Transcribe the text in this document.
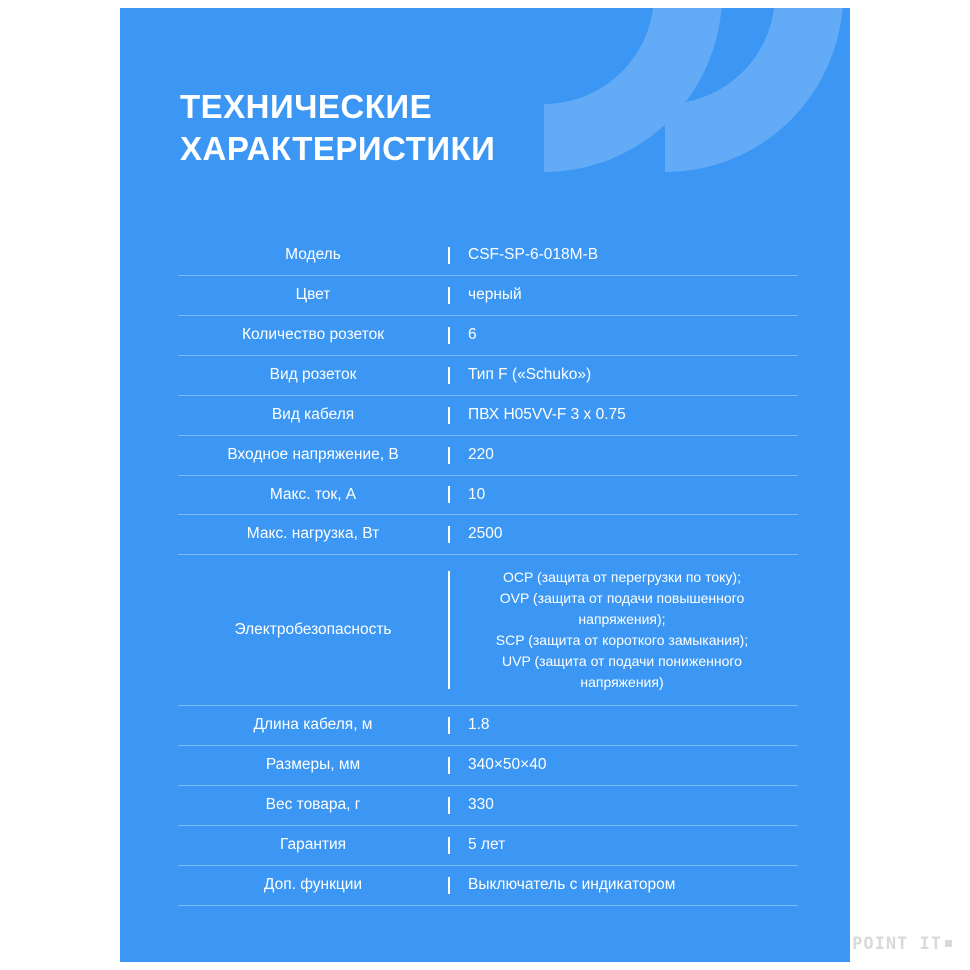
ТЕХНИЧЕСКИЕ
ХАРАКТЕРИСТИКИ
Модель		CSF-SP-6-018M-B
Цвет		черный
Количество розеток		6
Вид розеток		Тип F («Schuko»)
Вид кабеля		ПВХ H05VV-F 3 x 0.75
Входное напряжение, В		220
Макс. ток, А		10
Макс. нагрузка, Вт		2500
Электробезопасность		OCP (защита от перегрузки по току);
OVP (защита от подачи повышенного напряжения);
SCP (защита от короткого замыкания);
UVP (защита от подачи пониженного напряжения)

Длина кабеля, м		1.8
Размеры, мм		340×50×40
Вес товара, г		330
Гарантия		5 лет
Доп. функции		Выключатель с индикатором
POINT IT
